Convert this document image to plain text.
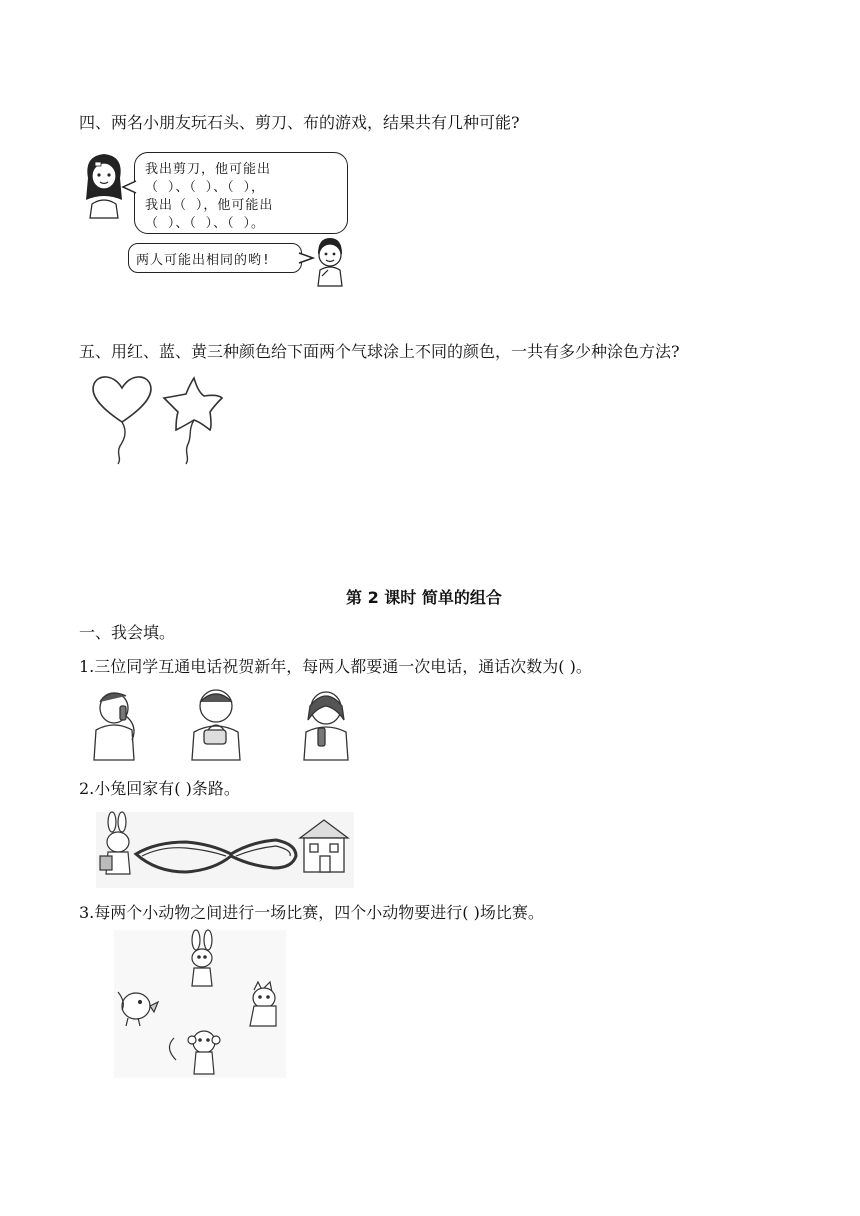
四、两名小朋友玩石头、剪刀、布的游戏，结果共有几种可能?
我出剪刀，他可能出
（ ）、（ ）、（ ），
我出（ ），他可能出
（ ）、（ ）、（ ）。
两人可能出相同的哟!
五、用红、蓝、黄三种颜色给下面两个气球涂上不同的颜色，一共有多少种涂色方法?
第 2 课时 简单的组合
一、我会填。
1.三位同学互通电话祝贺新年，每两人都要通一次电话，通话次数为( )。
2.小兔回家有( )条路。
3.每两个小动物之间进行一场比赛，四个小动物要进行( )场比赛。
